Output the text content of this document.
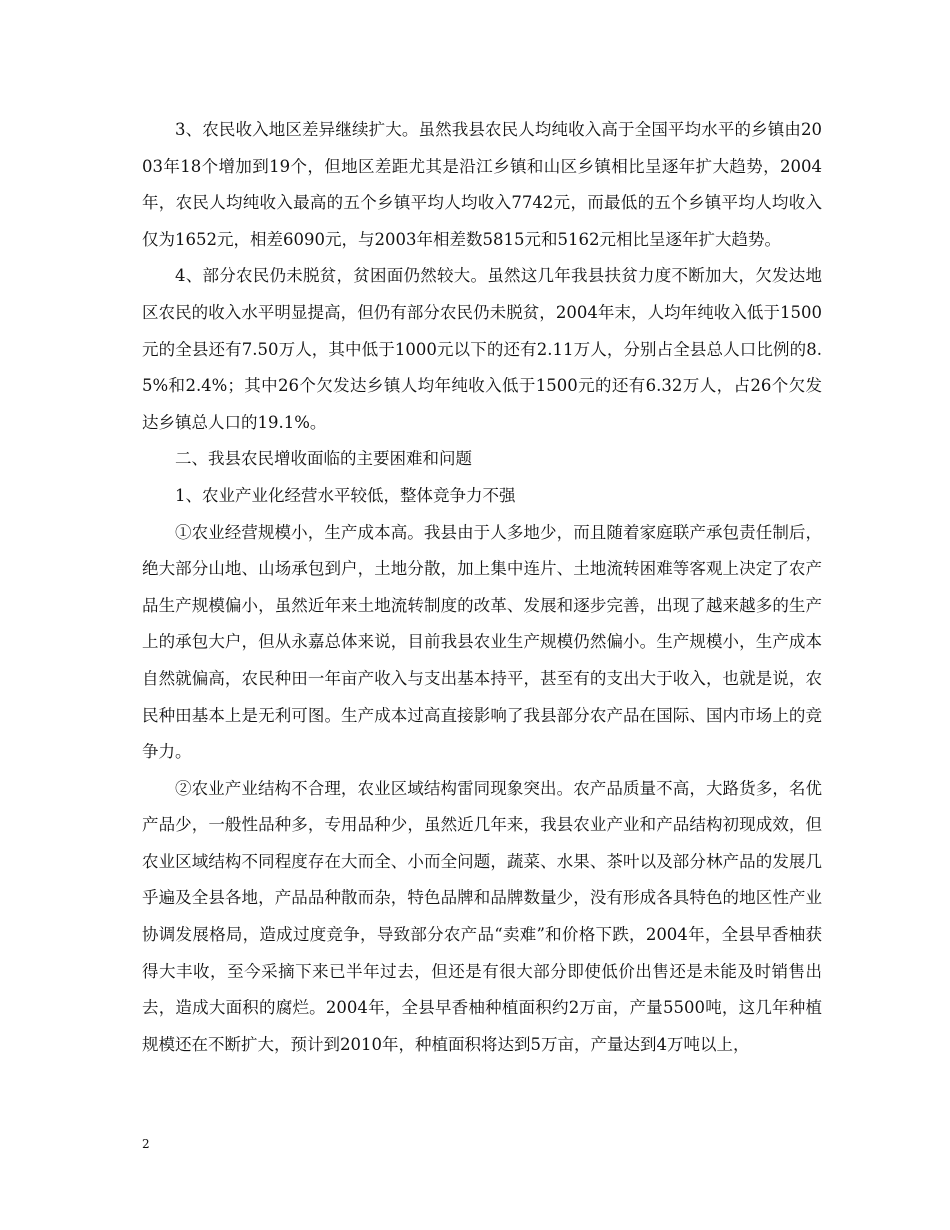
3、农民收入地区差异继续扩大。虽然我县农民人均纯收入高于全国平均水平的乡镇由2003年18个增加到19个，但地区差距尤其是沿江乡镇和山区乡镇相比呈逐年扩大趋势，2004年，农民人均纯收入最高的五个乡镇平均人均收入7742元，而最低的五个乡镇平均人均收入仅为1652元，相差6090元，与2003年相差数5815元和5162元相比呈逐年扩大趋势。

4、部分农民仍未脱贫，贫困面仍然较大。虽然这几年我县扶贫力度不断加大，欠发达地区农民的收入水平明显提高，但仍有部分农民仍未脱贫，2004年末，人均年纯收入低于1500元的全县还有7.50万人，其中低于1000元以下的还有2.11万人，分别占全县总人口比例的8.5%和2.4%；其中26个欠发达乡镇人均年纯收入低于1500元的还有6.32万人，占26个欠发达乡镇总人口的19.1%。

二、我县农民增收面临的主要困难和问题

1、农业产业化经营水平较低，整体竞争力不强

①农业经营规模小，生产成本高。我县由于人多地少，而且随着家庭联产承包责任制后，绝大部分山地、山场承包到户，土地分散，加上集中连片、土地流转困难等客观上决定了农产品生产规模偏小，虽然近年来土地流转制度的改革、发展和逐步完善，出现了越来越多的生产上的承包大户，但从永嘉总体来说，目前我县农业生产规模仍然偏小。生产规模小，生产成本自然就偏高，农民种田一年亩产收入与支出基本持平，甚至有的支出大于收入，也就是说，农民种田基本上是无利可图。生产成本过高直接影响了我县部分农产品在国际、国内市场上的竞争力。

②农业产业结构不合理，农业区域结构雷同现象突出。农产品质量不高，大路货多，名优产品少，一般性品种多，专用品种少，虽然近几年来，我县农业产业和产品结构初现成效，但农业区域结构不同程度存在大而全、小而全问题，蔬菜、水果、茶叶以及部分林产品的发展几乎遍及全县各地，产品品种散而杂，特色品牌和品牌数量少，没有形成各具特色的地区性产业协调发展格局，造成过度竞争，导致部分农产品“卖难”和价格下跌，2004年，全县早香柚获得大丰收，至今采摘下来已半年过去，但还是有很大部分即使低价出售还是未能及时销售出去，造成大面积的腐烂。2004年，全县早香柚种植面积约2万亩，产量5500吨，这几年种植规模还在不断扩大，预计到2010年，种植面积将达到5万亩，产量达到4万吨以上，

2
